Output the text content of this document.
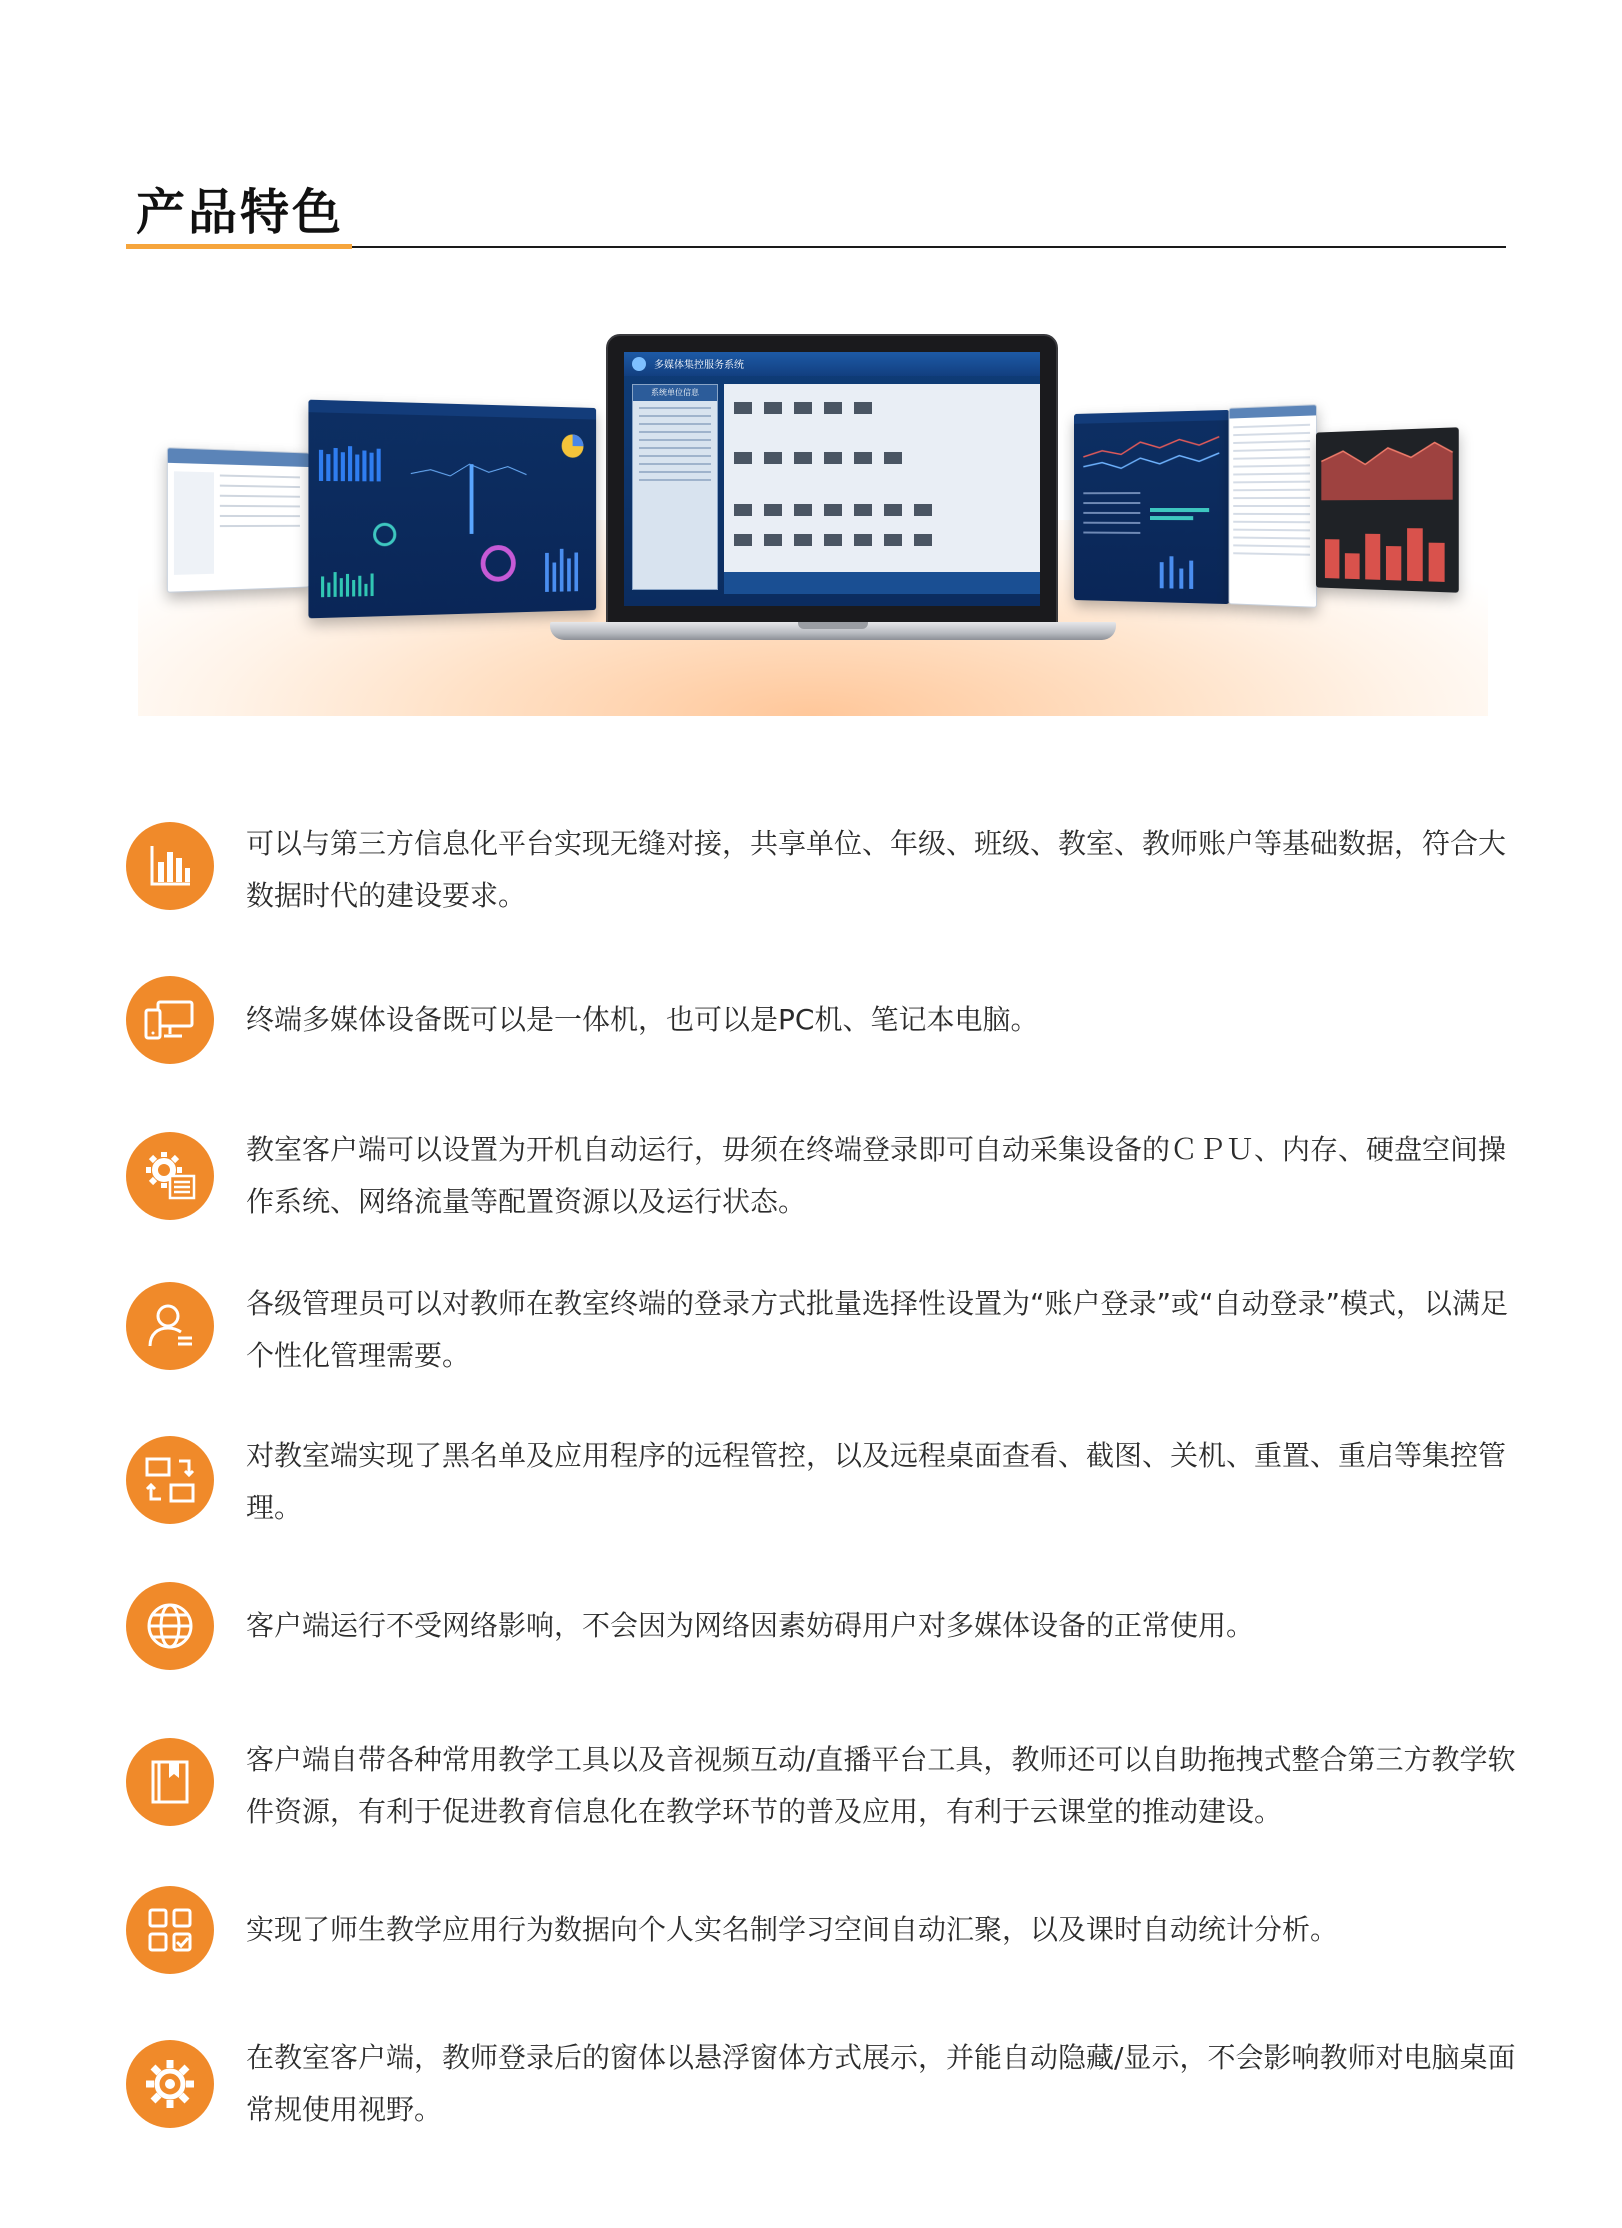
产品特色
多媒体集控服务系统
系统单位信息
可以与第三方信息化平台实现无缝对接，共享单位、年级、班级、教室、教师账户等基础数据，符合大数据时代的建设要求。
终端多媒体设备既可以是一体机，也可以是PC机、笔记本电脑。
教室客户端可以设置为开机自动运行，毋须在终端登录即可自动采集设备的ＣＰＵ、内存、硬盘空间操作系统、网络流量等配置资源以及运行状态。
各级管理员可以对教师在教室终端的登录方式批量选择性设置为“账户登录”或“自动登录”模式，以满足个性化管理需要。
对教室端实现了黑名单及应用程序的远程管控，以及远程桌面查看、截图、关机、重置、重启等集控管理。
客户端运行不受网络影响，不会因为网络因素妨碍用户对多媒体设备的正常使用。
客户端自带各种常用教学工具以及音视频互动/直播平台工具，教师还可以自助拖拽式整合第三方教学软件资源，有利于促进教育信息化在教学环节的普及应用，有利于云课堂的推动建设。
实现了师生教学应用行为数据向个人实名制学习空间自动汇聚，以及课时自动统计分析。
在教室客户端，教师登录后的窗体以悬浮窗体方式展示，并能自动隐藏/显示，不会影响教师对电脑桌面常规使用视野。
